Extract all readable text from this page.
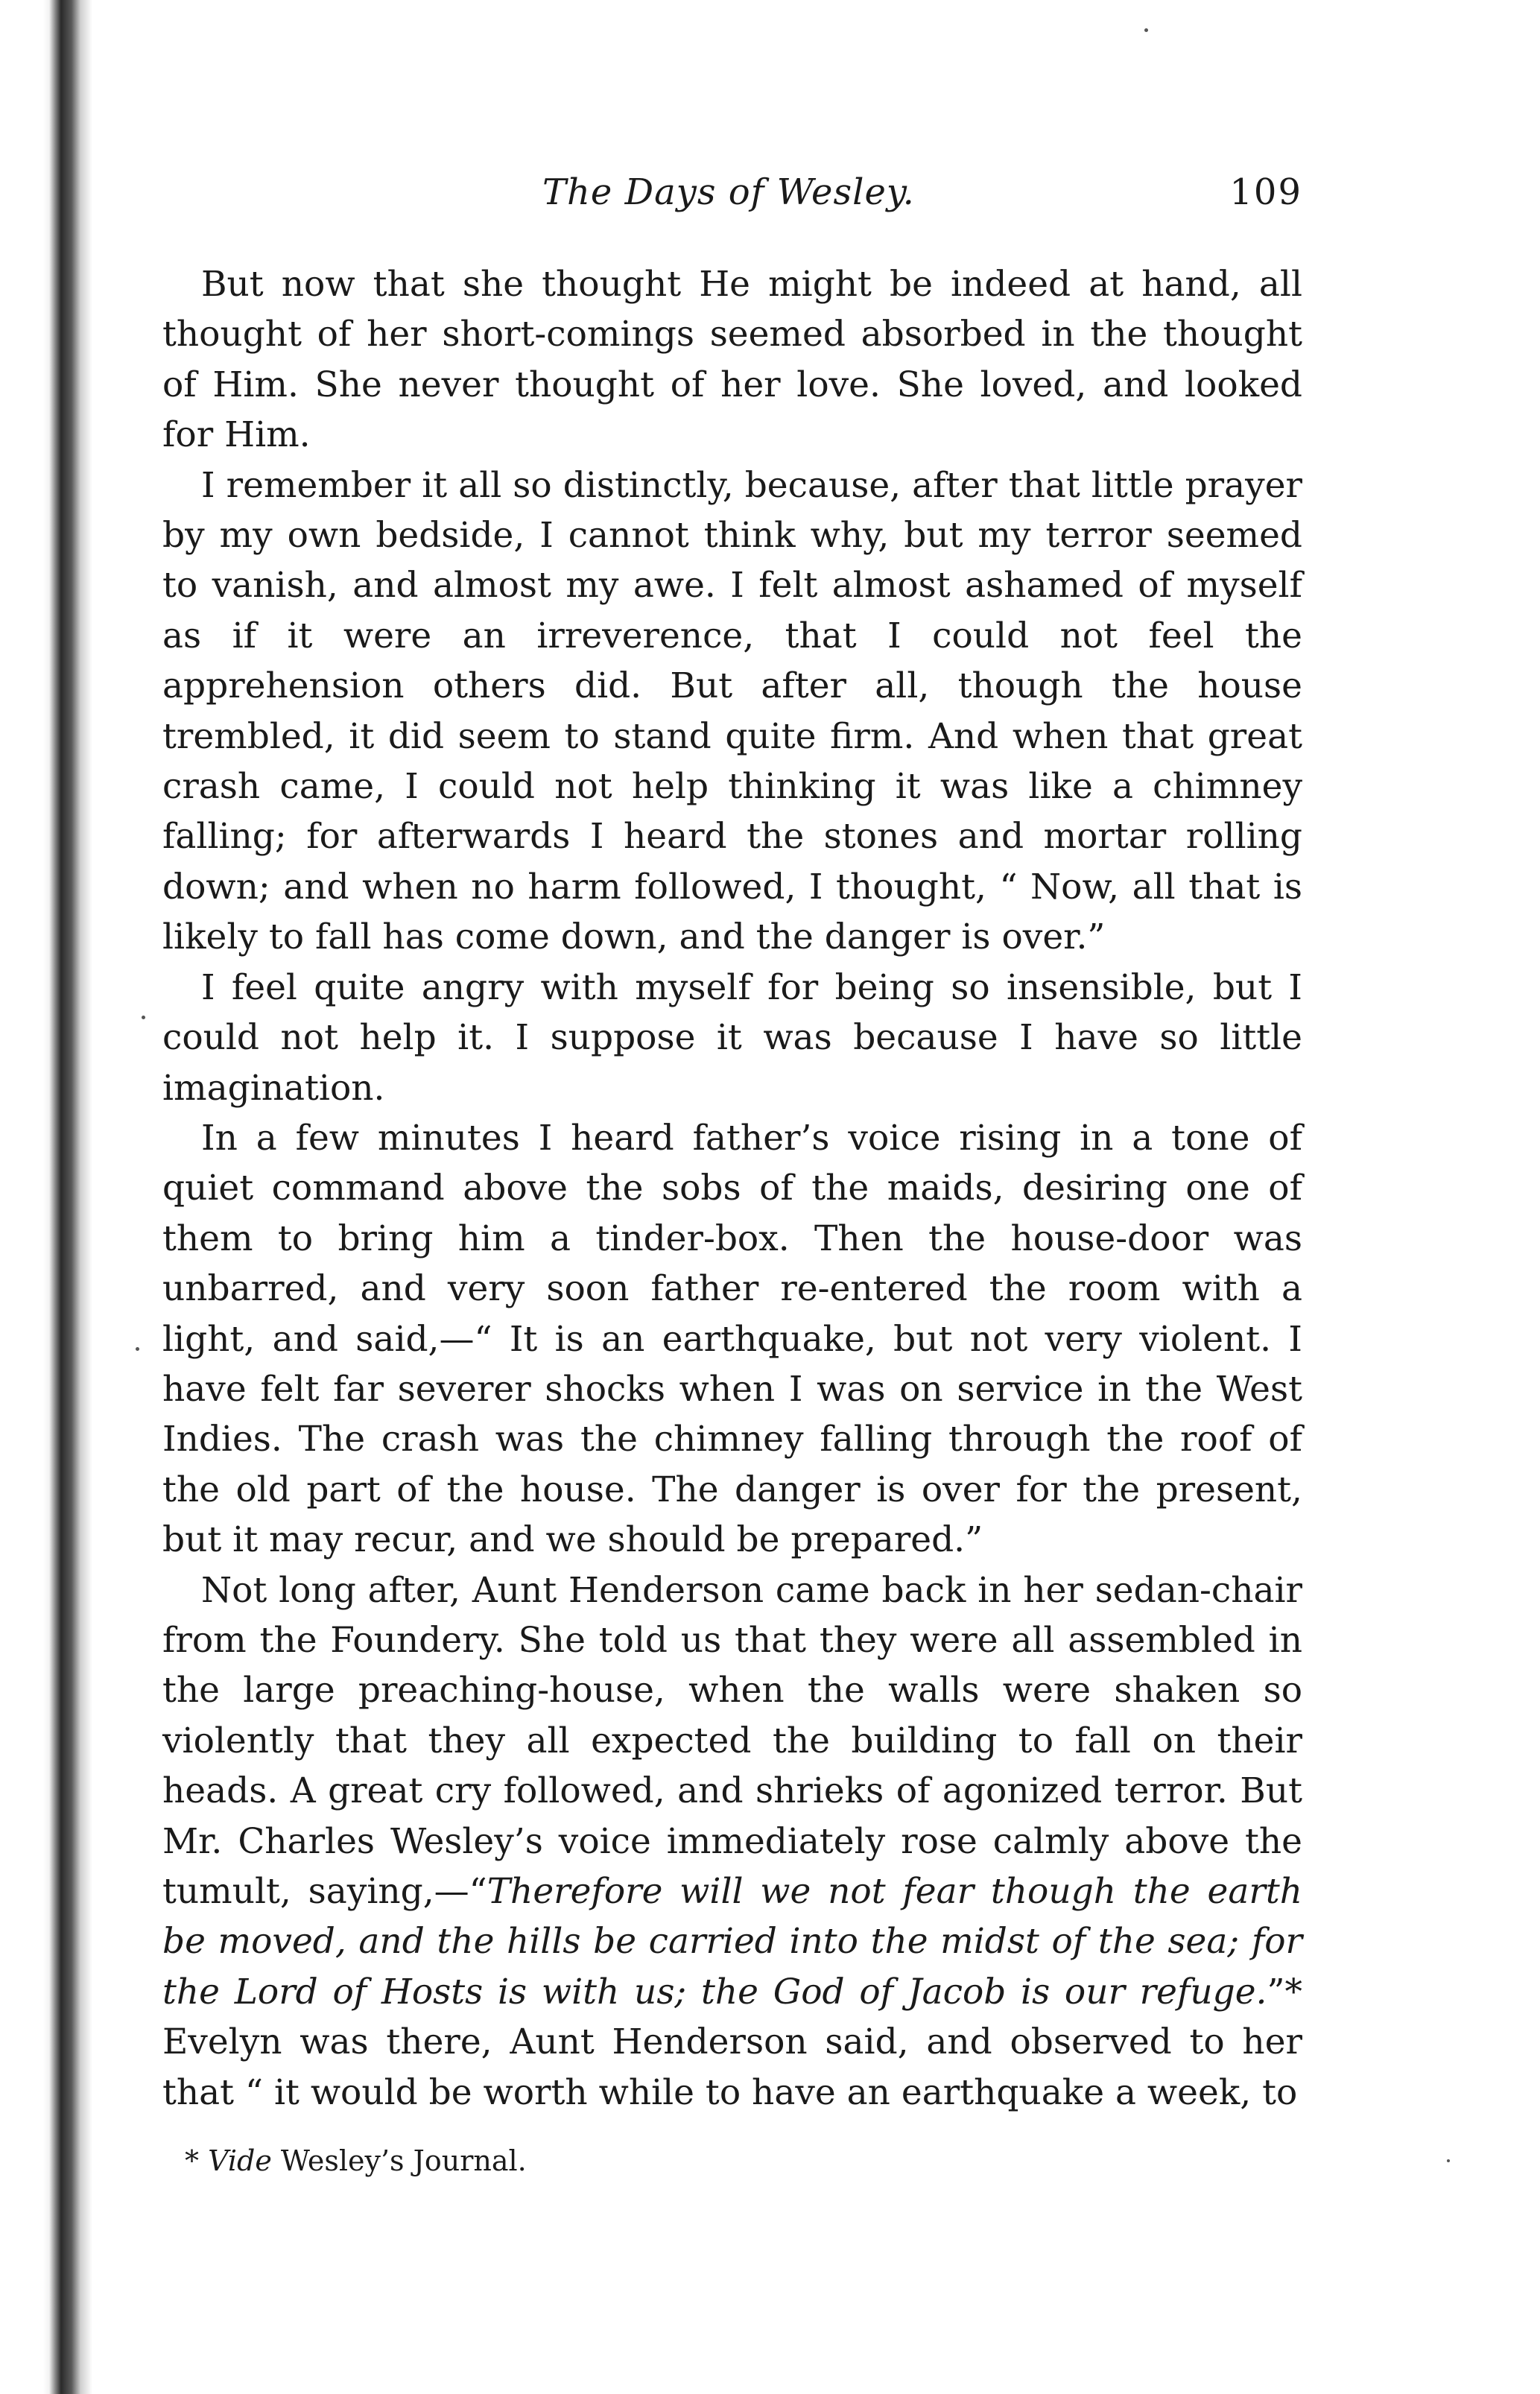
The Days of Wesley.	109

But now that she thought He might be indeed at hand, all thought of her short-comings seemed absorbed in the thought of Him. She never thought of her love. She loved, and looked for Him.

I remember it all so distinctly, because, after that little prayer by my own bedside, I cannot think why, but my terror seemed to vanish, and almost my awe. I felt almost ashamed of myself as if it were an irreverence, that I could not feel the apprehension others did. But after all, though the house trembled, it did seem to stand quite firm. And when that great crash came, I could not help thinking it was like a chimney falling; for afterwards I heard the stones and mortar rolling down; and when no harm followed, I thought, “ Now, all that is likely to fall has come down, and the danger is over.”

I feel quite angry with myself for being so insensible, but I could not help it. I suppose it was because I have so little imagination.

In a few minutes I heard father’s voice rising in a tone of quiet command above the sobs of the maids, desiring one of them to bring him a tinder-box. Then the house-door was unbarred, and very soon father re-entered the room with a light, and said,—“ It is an earthquake, but not very violent. I have felt far severer shocks when I was on service in the West Indies. The crash was the chimney falling through the roof of the old part of the house. The danger is over for the present, but it may recur, and we should be prepared.”

Not long after, Aunt Henderson came back in her sedan-chair from the Foundery. She told us that they were all assembled in the large preaching-house, when the walls were shaken so violently that they all expected the building to fall on their heads. A great cry followed, and shrieks of agonized terror. But Mr. Charles Wesley’s voice immediately rose calmly above the tumult, saying,—“Therefore will we not fear though the earth be moved, and the hills be carried into the midst of the sea; for the Lord of Hosts is with us; the God of Jacob is our refuge.”* Evelyn was there, Aunt Henderson said, and observed to her that “ it would be worth while to have an earthquake a week, to

* Vide Wesley’s Journal.
